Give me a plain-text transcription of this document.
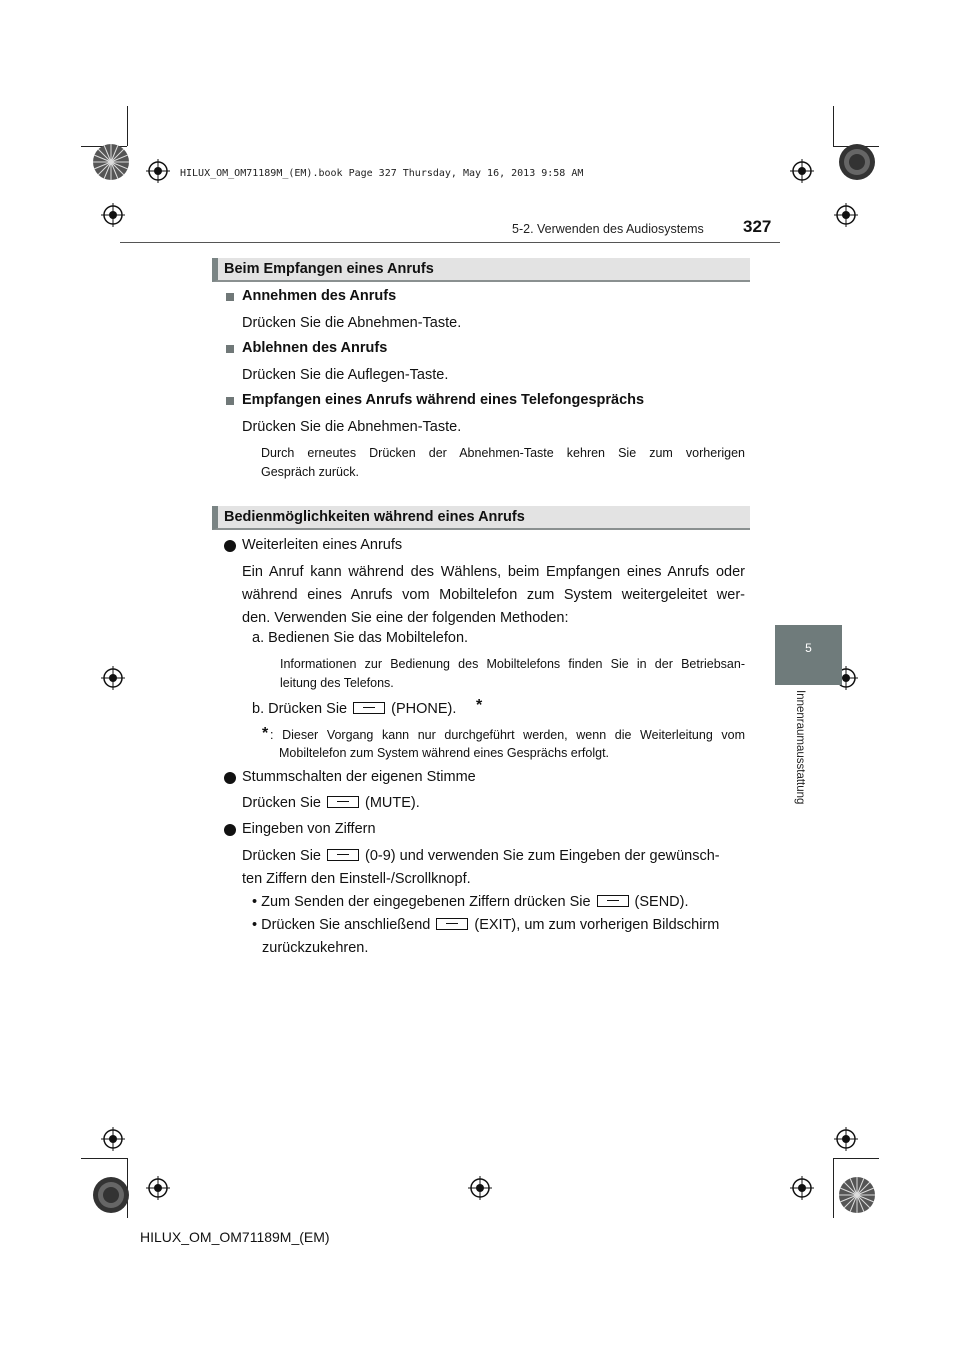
HILUX_OM_OM71189M_(EM).book Page 327 Thursday, May 16, 2013 9:58 AM
5-2. Verwenden des Audiosystems 327
5
Innenraumausstattung
Beim Empfangen eines Anrufs
Annehmen des Anrufs
Drücken Sie die Abnehmen-Taste.
Ablehnen des Anrufs
Drücken Sie die Auflegen-Taste.
Empfangen eines Anrufs während eines Telefongesprächs
Drücken Sie die Abnehmen-Taste.
Durch erneutes Drücken der Abnehmen-Taste kehren Sie zum vorherigen
Gespräch zurück.
Bedienmöglichkeiten während eines Anrufs
Weiterleiten eines Anrufs
Ein Anruf kann während des Wählens, beim Empfangen eines Anrufs oder
während eines Anrufs vom Mobiltelefon zum System weitergeleitet wer-
den. Verwenden Sie eine der folgenden Methoden:
a. Bedienen Sie das Mobiltelefon.
Informationen zur Bedienung des Mobiltelefons finden Sie in der Betriebsan-
leitung des Telefons.
b. Drücken Sie	(PHONE). *
* : Dieser Vorgang kann nur durchgeführt werden, wenn die Weiterleitung vom
Mobiltelefon zum System während eines Gesprächs erfolgt.
Stummschalten der eigenen Stimme
Drücken Sie	(MUTE).
Eingeben von Ziffern
Drücken Sie	(0-9) und verwenden Sie zum Eingeben der gewünsch-
ten Ziffern den Einstell-/Scrollknopf.
• Zum Senden der eingegebenen Ziffern drücken Sie	(SEND).
• Drücken Sie anschließend	(EXIT), um zum vorherigen Bildschirm
zurückzukehren.
HILUX_OM_OM71189M_(EM)
